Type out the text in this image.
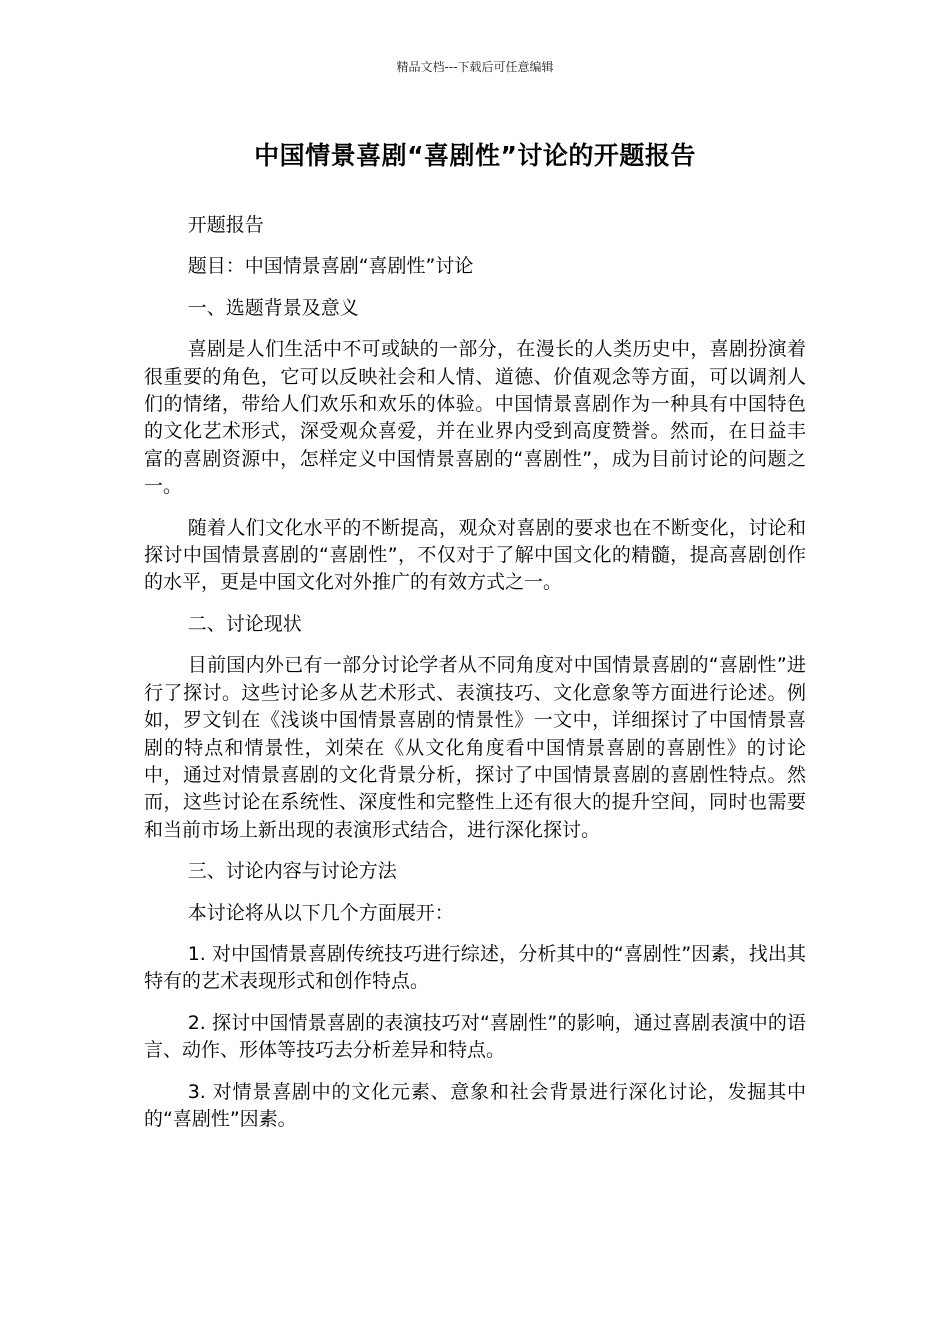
精品文档---下载后可任意编辑
中国情景喜剧“喜剧性”讨论的开题报告

开题报告

题目：中国情景喜剧“喜剧性”讨论

一、选题背景及意义

喜剧是人们生活中不可或缺的一部分，在漫长的人类历史中，喜剧扮演着很重要的角色，它可以反映社会和人情、道德、价值观念等方面，可以调剂人们的情绪，带给人们欢乐和欢乐的体验。中国情景喜剧作为一种具有中国特色的文化艺术形式，深受观众喜爱，并在业界内受到高度赞誉。然而，在日益丰富的喜剧资源中，怎样定义中国情景喜剧的“喜剧性”，成为目前讨论的问题之一。

随着人们文化水平的不断提高，观众对喜剧的要求也在不断变化，讨论和探讨中国情景喜剧的“喜剧性”，不仅对于了解中国文化的精髓，提高喜剧创作的水平，更是中国文化对外推广的有效方式之一。

二、讨论现状

目前国内外已有一部分讨论学者从不同角度对中国情景喜剧的“喜剧性”进行了探讨。这些讨论多从艺术形式、表演技巧、文化意象等方面进行论述。例如，罗文钊在《浅谈中国情景喜剧的情景性》一文中，详细探讨了中国情景喜剧的特点和情景性，刘荣在《从文化角度看中国情景喜剧的喜剧性》的讨论中，通过对情景喜剧的文化背景分析，探讨了中国情景喜剧的喜剧性特点。然而，这些讨论在系统性、深度性和完整性上还有很大的提升空间，同时也需要和当前市场上新出现的表演形式结合，进行深化探讨。

三、讨论内容与讨论方法

本讨论将从以下几个方面展开：

1. 对中国情景喜剧传统技巧进行综述，分析其中的“喜剧性”因素，找出其特有的艺术表现形式和创作特点。

2. 探讨中国情景喜剧的表演技巧对“喜剧性”的影响，通过喜剧表演中的语言、动作、形体等技巧去分析差异和特点。

3. 对情景喜剧中的文化元素、意象和社会背景进行深化讨论，发掘其中的“喜剧性”因素。
